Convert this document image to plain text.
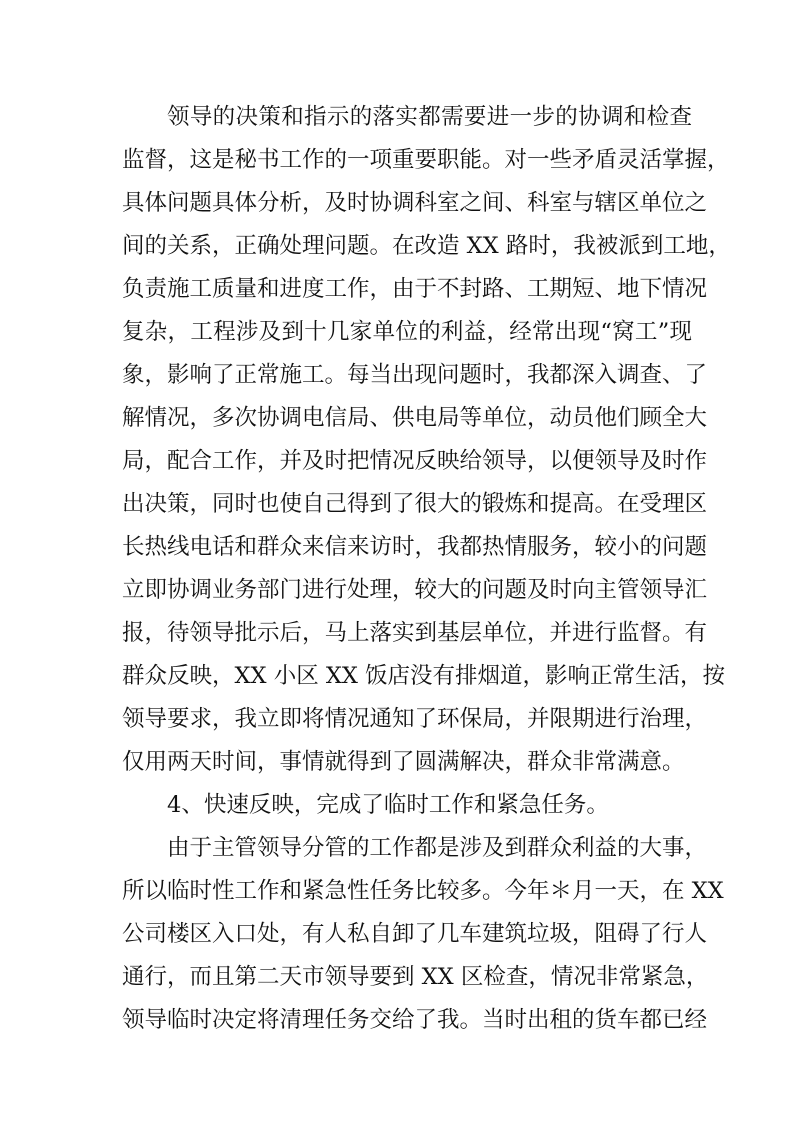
领导的决策和指示的落实都需要进一步的协调和检查
监督，这是秘书工作的一项重要职能。对一些矛盾灵活掌握，
具体问题具体分析，及时协调科室之间、科室与辖区单位之
间的关系，正确处理问题。在改造 XX 路时，我被派到工地，
负责施工质量和进度工作，由于不封路、工期短、地下情况
复杂，工程涉及到十几家单位的利益，经常出现“窝工”现
象，影响了正常施工。每当出现问题时，我都深入调查、了
解情况，多次协调电信局、供电局等单位，动员他们顾全大
局，配合工作，并及时把情况反映给领导，以便领导及时作
出决策，同时也使自己得到了很大的锻炼和提高。在受理区
长热线电话和群众来信来访时，我都热情服务，较小的问题
立即协调业务部门进行处理，较大的问题及时向主管领导汇
报，待领导批示后，马上落实到基层单位，并进行监督。有
群众反映，XX 小区 XX 饭店没有排烟道，影响正常生活，按
领导要求，我立即将情况通知了环保局，并限期进行治理，
仅用两天时间，事情就得到了圆满解决，群众非常满意。
4、快速反映，完成了临时工作和紧急任务。
由于主管领导分管的工作都是涉及到群众利益的大事，
所以临时性工作和紧急性任务比较多。今年＊月一天，在 XX
公司楼区入口处，有人私自卸了几车建筑垃圾，阻碍了行人
通行，而且第二天市领导要到 XX 区检查，情况非常紧急，
领导临时决定将清理任务交给了我。当时出租的货车都已经
